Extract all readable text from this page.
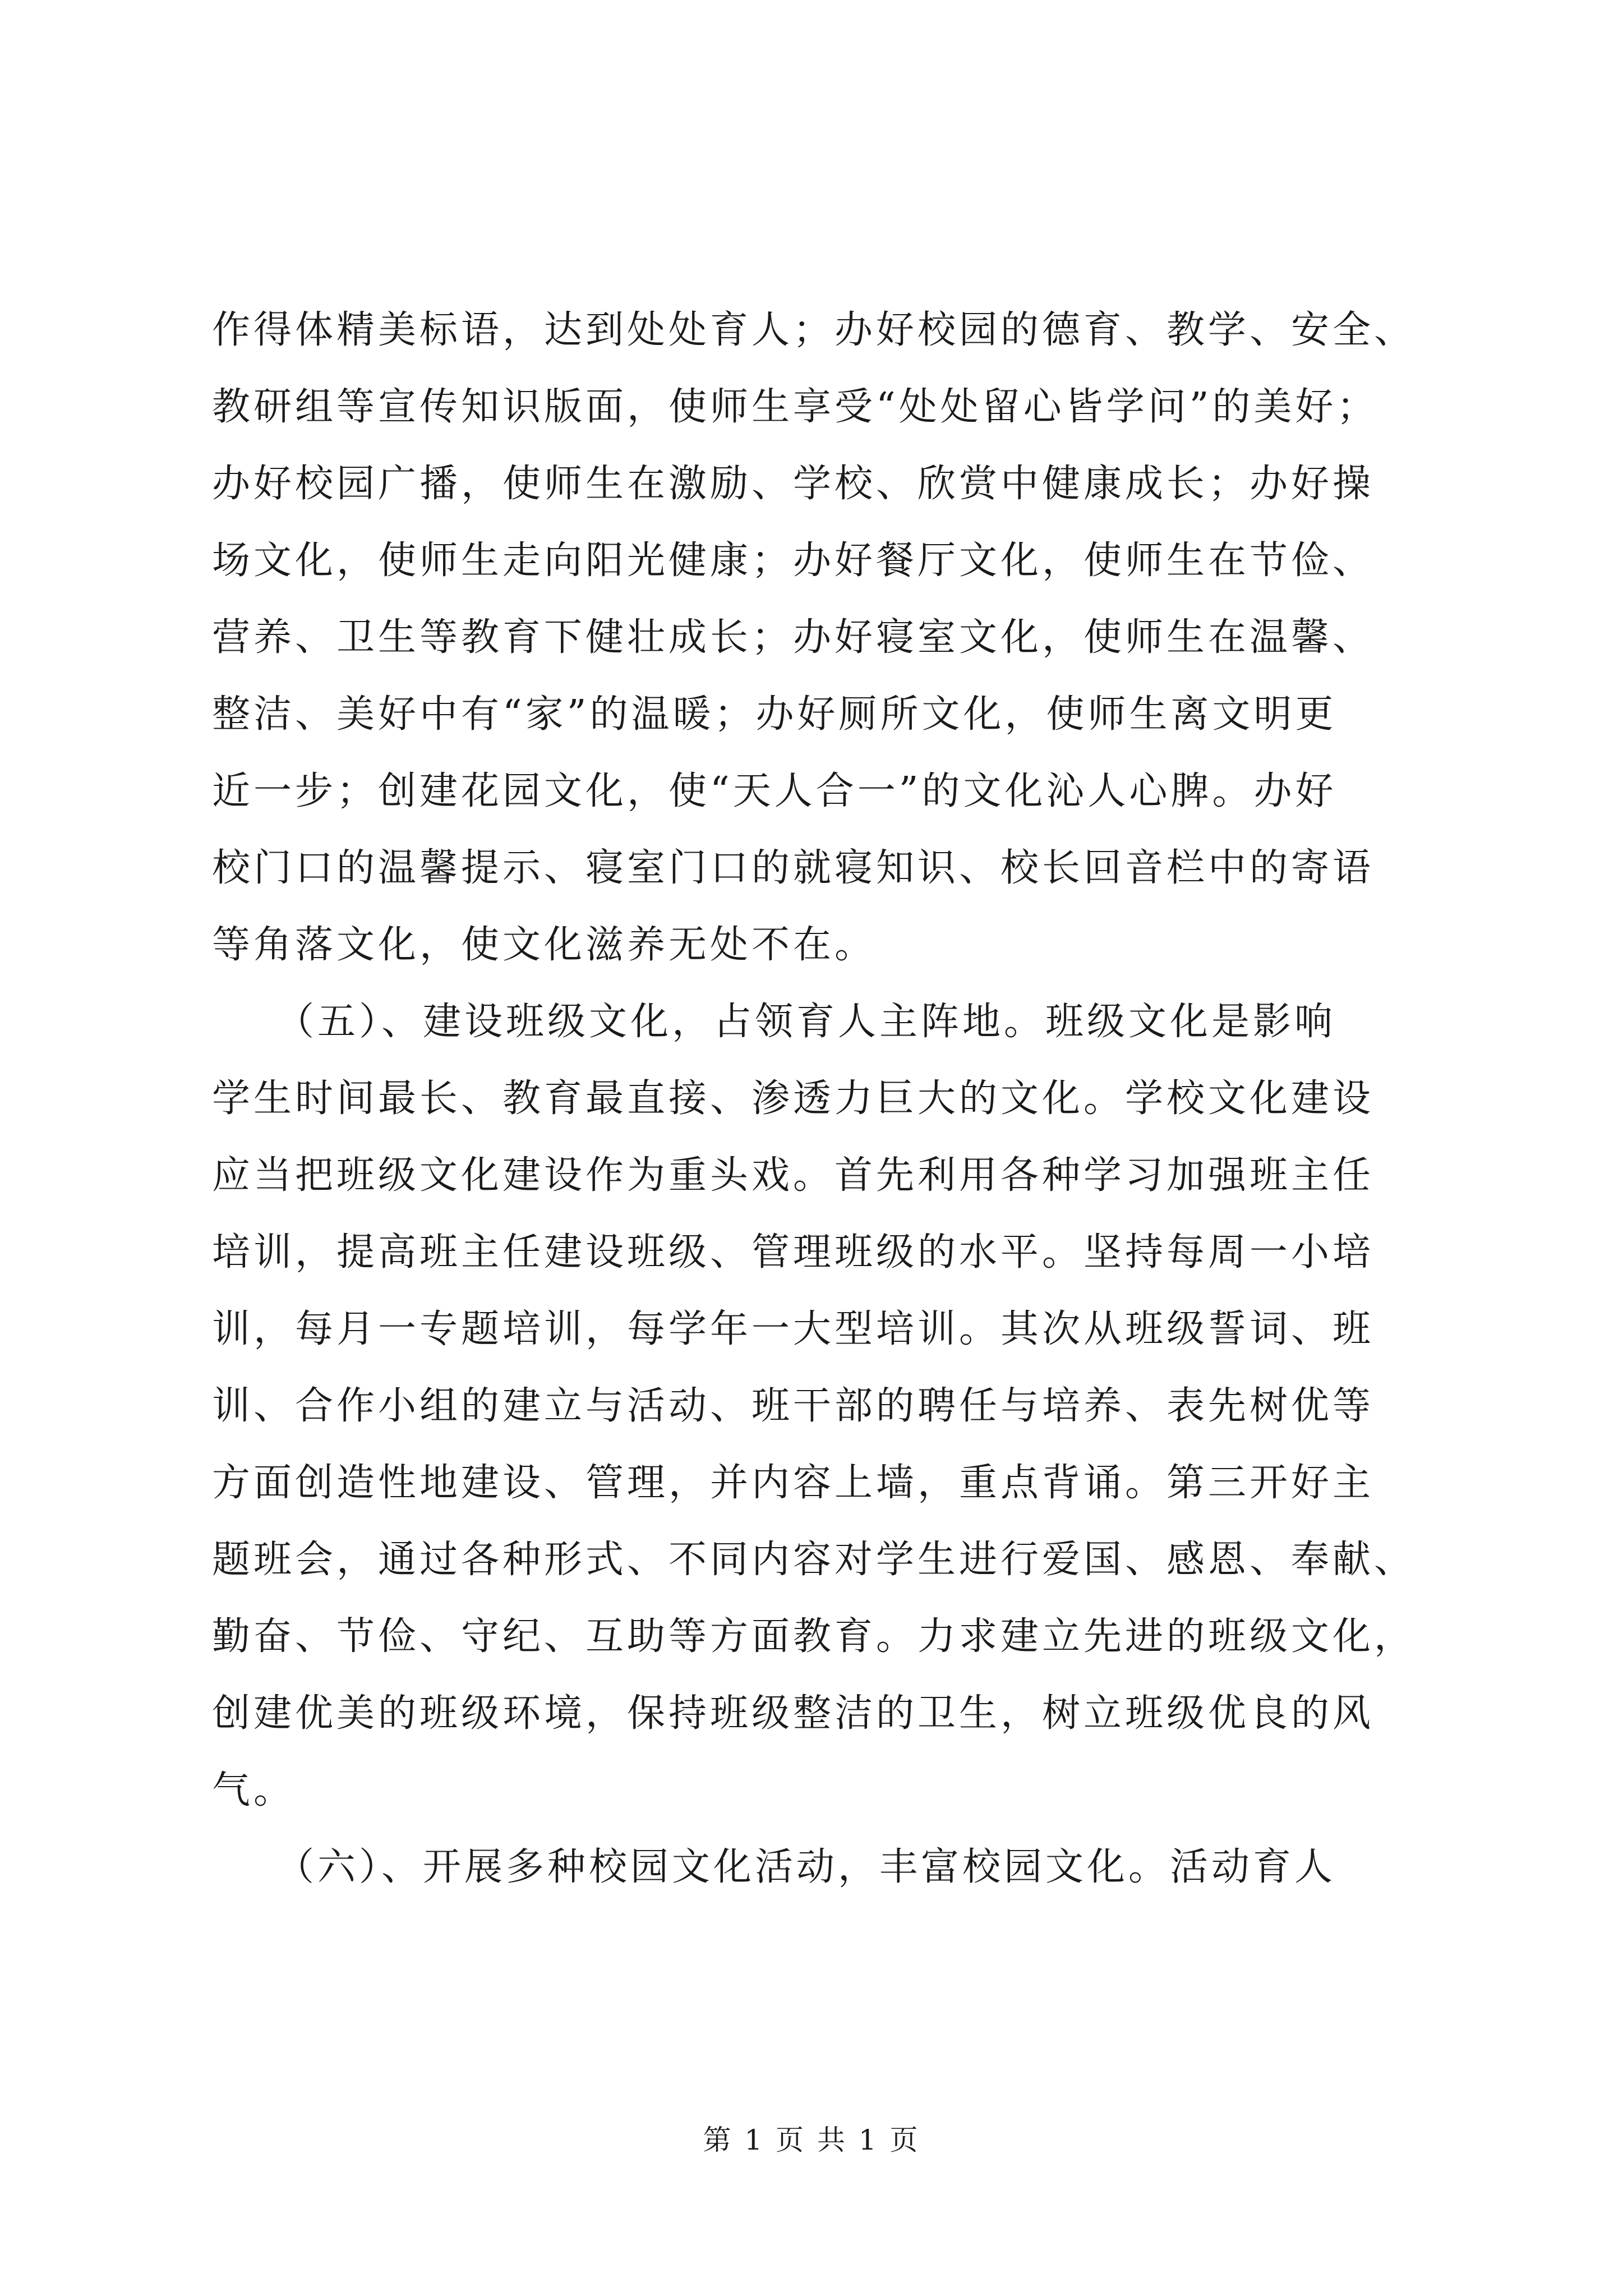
作得体精美标语，达到处处育人；办好校园的德育、教学、安全、
教研组等宣传知识版面，使师生享受“处处留心皆学问”的美好；
办好校园广播，使师生在激励、学校、欣赏中健康成长；办好操
场文化，使师生走向阳光健康；办好餐厅文化，使师生在节俭、
营养、卫生等教育下健壮成长；办好寝室文化，使师生在温馨、
整洁、美好中有“家”的温暖；办好厕所文化，使师生离文明更
近一步；创建花园文化，使“天人合一”的文化沁人心脾。办好
校门口的温馨提示、寝室门口的就寝知识、校长回音栏中的寄语
等角落文化，使文化滋养无处不在。
　　（五）、建设班级文化，占领育人主阵地。班级文化是影响
学生时间最长、教育最直接、渗透力巨大的文化。学校文化建设
应当把班级文化建设作为重头戏。首先利用各种学习加强班主任
培训，提高班主任建设班级、管理班级的水平。坚持每周一小培
训，每月一专题培训，每学年一大型培训。其次从班级誓词、班
训、合作小组的建立与活动、班干部的聘任与培养、表先树优等
方面创造性地建设、管理，并内容上墙，重点背诵。第三开好主
题班会，通过各种形式、不同内容对学生进行爱国、感恩、奉献、
勤奋、节俭、守纪、互助等方面教育。力求建立先进的班级文化，
创建优美的班级环境，保持班级整洁的卫生，树立班级优良的风
气。
　　（六）、开展多种校园文化活动，丰富校园文化。活动育人
第 1 页 共 1 页
